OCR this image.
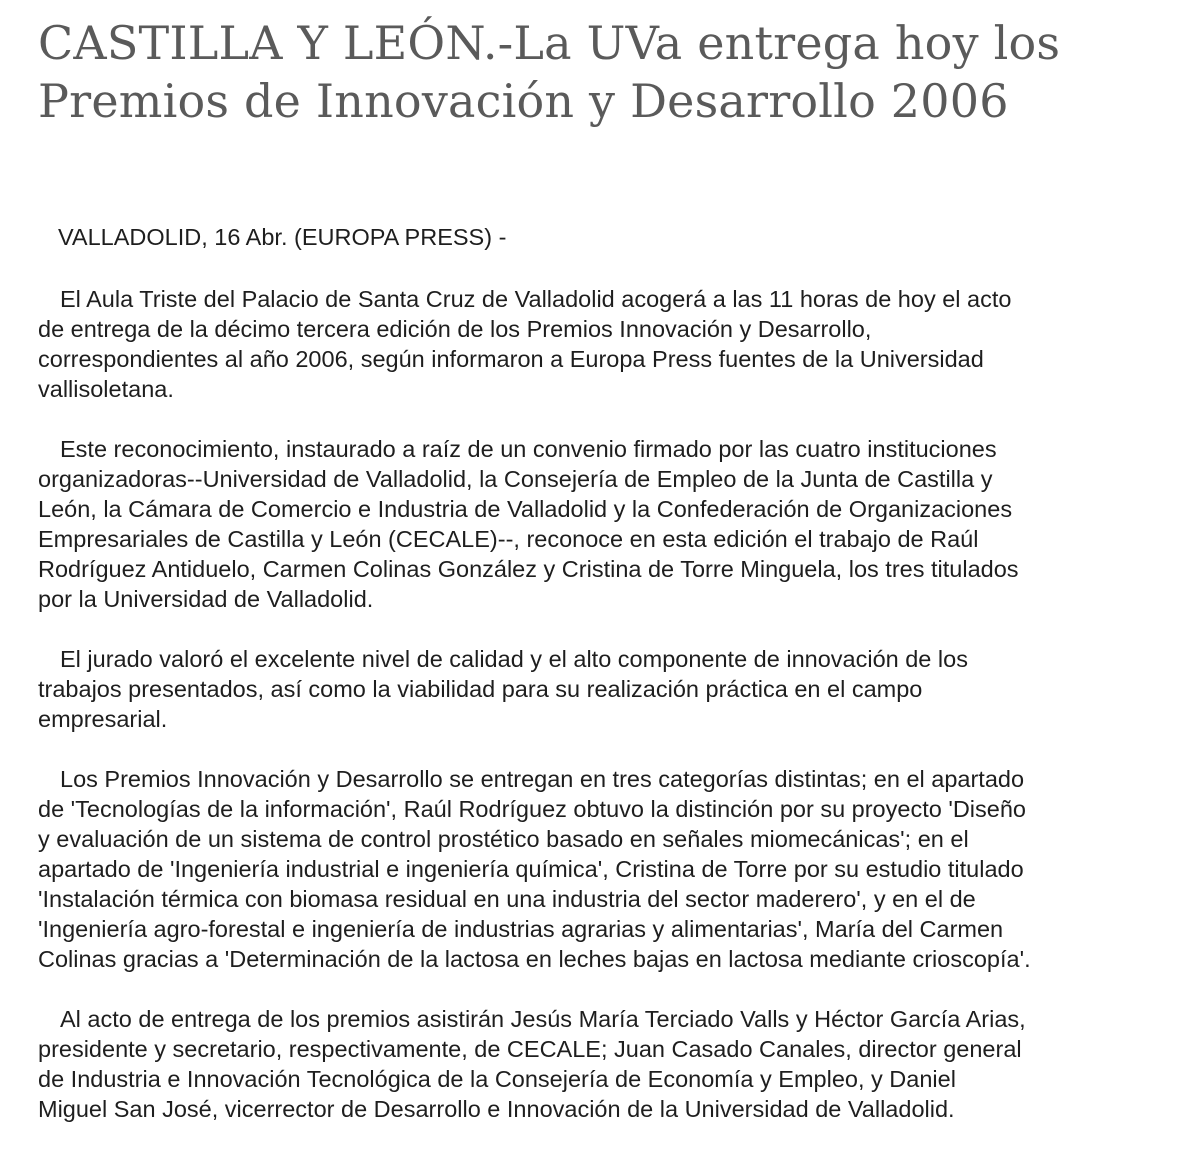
CASTILLA Y LEÓN.-La UVa entrega hoy los
Premios de Innovación y Desarrollo 2006

VALLADOLID, 16 Abr. (EUROPA PRESS) -

El Aula Triste del Palacio de Santa Cruz de Valladolid acogerá a las 11 horas de hoy el acto
de entrega de la décimo tercera edición de los Premios Innovación y Desarrollo,
correspondientes al año 2006, según informaron a Europa Press fuentes de la Universidad
vallisoletana.

Este reconocimiento, instaurado a raíz de un convenio firmado por las cuatro instituciones
organizadoras--Universidad de Valladolid, la Consejería de Empleo de la Junta de Castilla y
León, la Cámara de Comercio e Industria de Valladolid y la Confederación de Organizaciones
Empresariales de Castilla y León (CECALE)--, reconoce en esta edición el trabajo de Raúl
Rodríguez Antiduelo, Carmen Colinas González y Cristina de Torre Minguela, los tres titulados
por la Universidad de Valladolid.

El jurado valoró el excelente nivel de calidad y el alto componente de innovación de los
trabajos presentados, así como la viabilidad para su realización práctica en el campo
empresarial.

Los Premios Innovación y Desarrollo se entregan en tres categorías distintas; en el apartado
de 'Tecnologías de la información', Raúl Rodríguez obtuvo la distinción por su proyecto 'Diseño
y evaluación de un sistema de control prostético basado en señales miomecánicas'; en el
apartado de 'Ingeniería industrial e ingeniería química', Cristina de Torre por su estudio titulado
'Instalación térmica con biomasa residual en una industria del sector maderero', y en el de
'Ingeniería agro-forestal e ingeniería de industrias agrarias y alimentarias', María del Carmen
Colinas gracias a 'Determinación de la lactosa en leches bajas en lactosa mediante crioscopía'.

Al acto de entrega de los premios asistirán Jesús María Terciado Valls y Héctor García Arias,
presidente y secretario, respectivamente, de CECALE; Juan Casado Canales, director general
de Industria e Innovación Tecnológica de la Consejería de Economía y Empleo, y Daniel
Miguel San José, vicerrector de Desarrollo e Innovación de la Universidad de Valladolid.
